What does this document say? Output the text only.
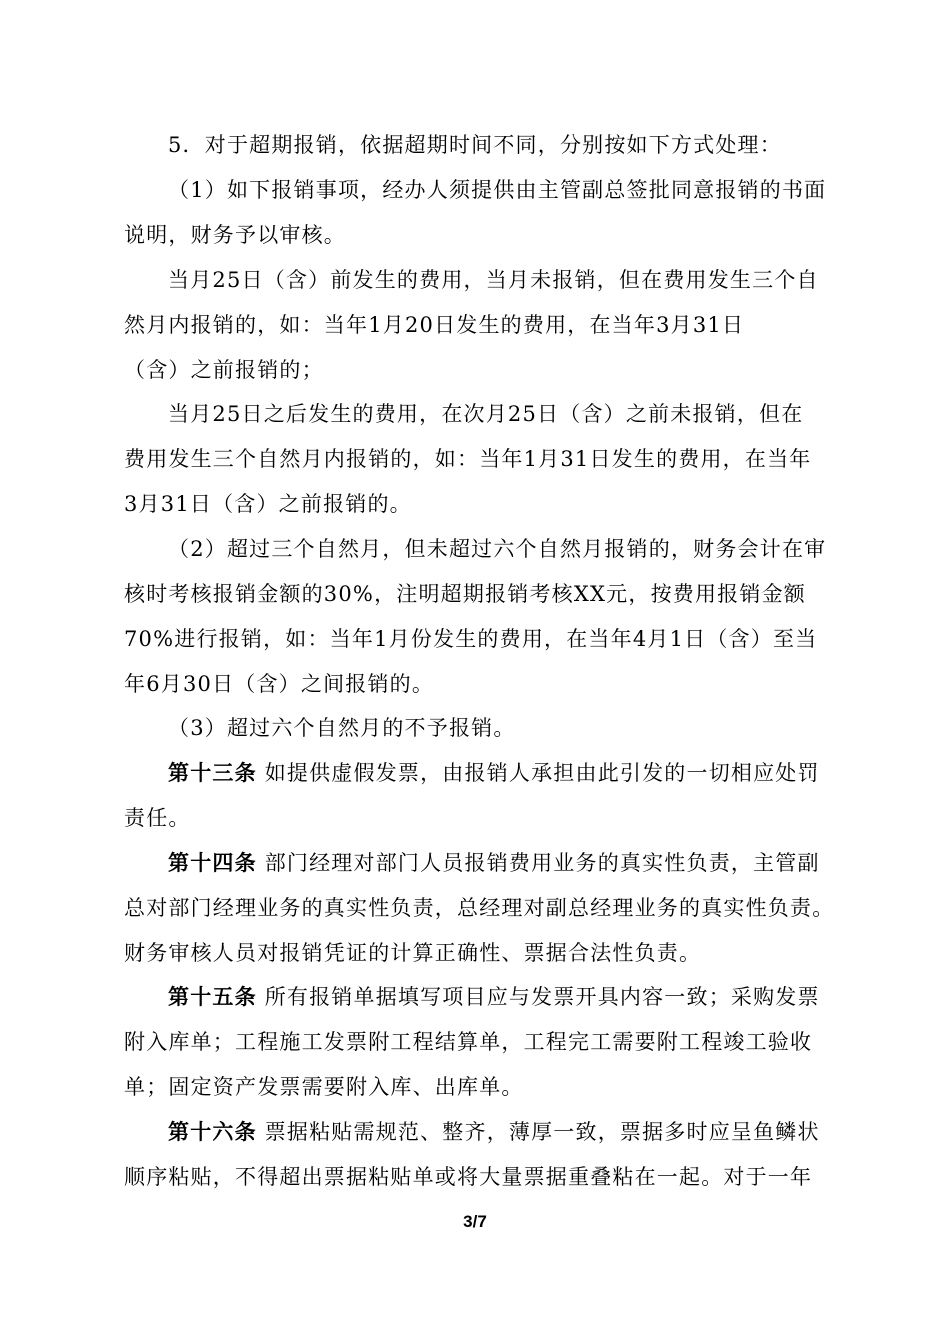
5．对于超期报销，依据超期时间不同，分别按如下方式处理：
（1）如下报销事项，经办人须提供由主管副总签批同意报销的书面
说明，财务予以审核。
当月25日（含）前发生的费用，当月未报销，但在费用发生三个自
然月内报销的，如：当年1月20日发生的费用，在当年3月31日
（含）之前报销的；
当月25日之后发生的费用，在次月25日（含）之前未报销，但在
费用发生三个自然月内报销的，如：当年1月31日发生的费用，在当年
3月31日（含）之前报销的。
（2）超过三个自然月，但未超过六个自然月报销的，财务会计在审
核时考核报销金额的30%，注明超期报销考核XX元，按费用报销金额
70%进行报销，如：当年1月份发生的费用，在当年4月1日（含）至当
年6月30日（含）之间报销的。
（3）超过六个自然月的不予报销。
第十三条 如提供虚假发票，由报销人承担由此引发的一切相应处罚
责任。
第十四条 部门经理对部门人员报销费用业务的真实性负责，主管副
总对部门经理业务的真实性负责，总经理对副总经理业务的真实性负责。
财务审核人员对报销凭证的计算正确性、票据合法性负责。
第十五条 所有报销单据填写项目应与发票开具内容一致；采购发票
附入库单；工程施工发票附工程结算单，工程完工需要附工程竣工验收
单；固定资产发票需要附入库、出库单。
第十六条 票据粘贴需规范、整齐，薄厚一致，票据多时应呈鱼鳞状
顺序粘贴，不得超出票据粘贴单或将大量票据重叠粘在一起。对于一年
3/7
